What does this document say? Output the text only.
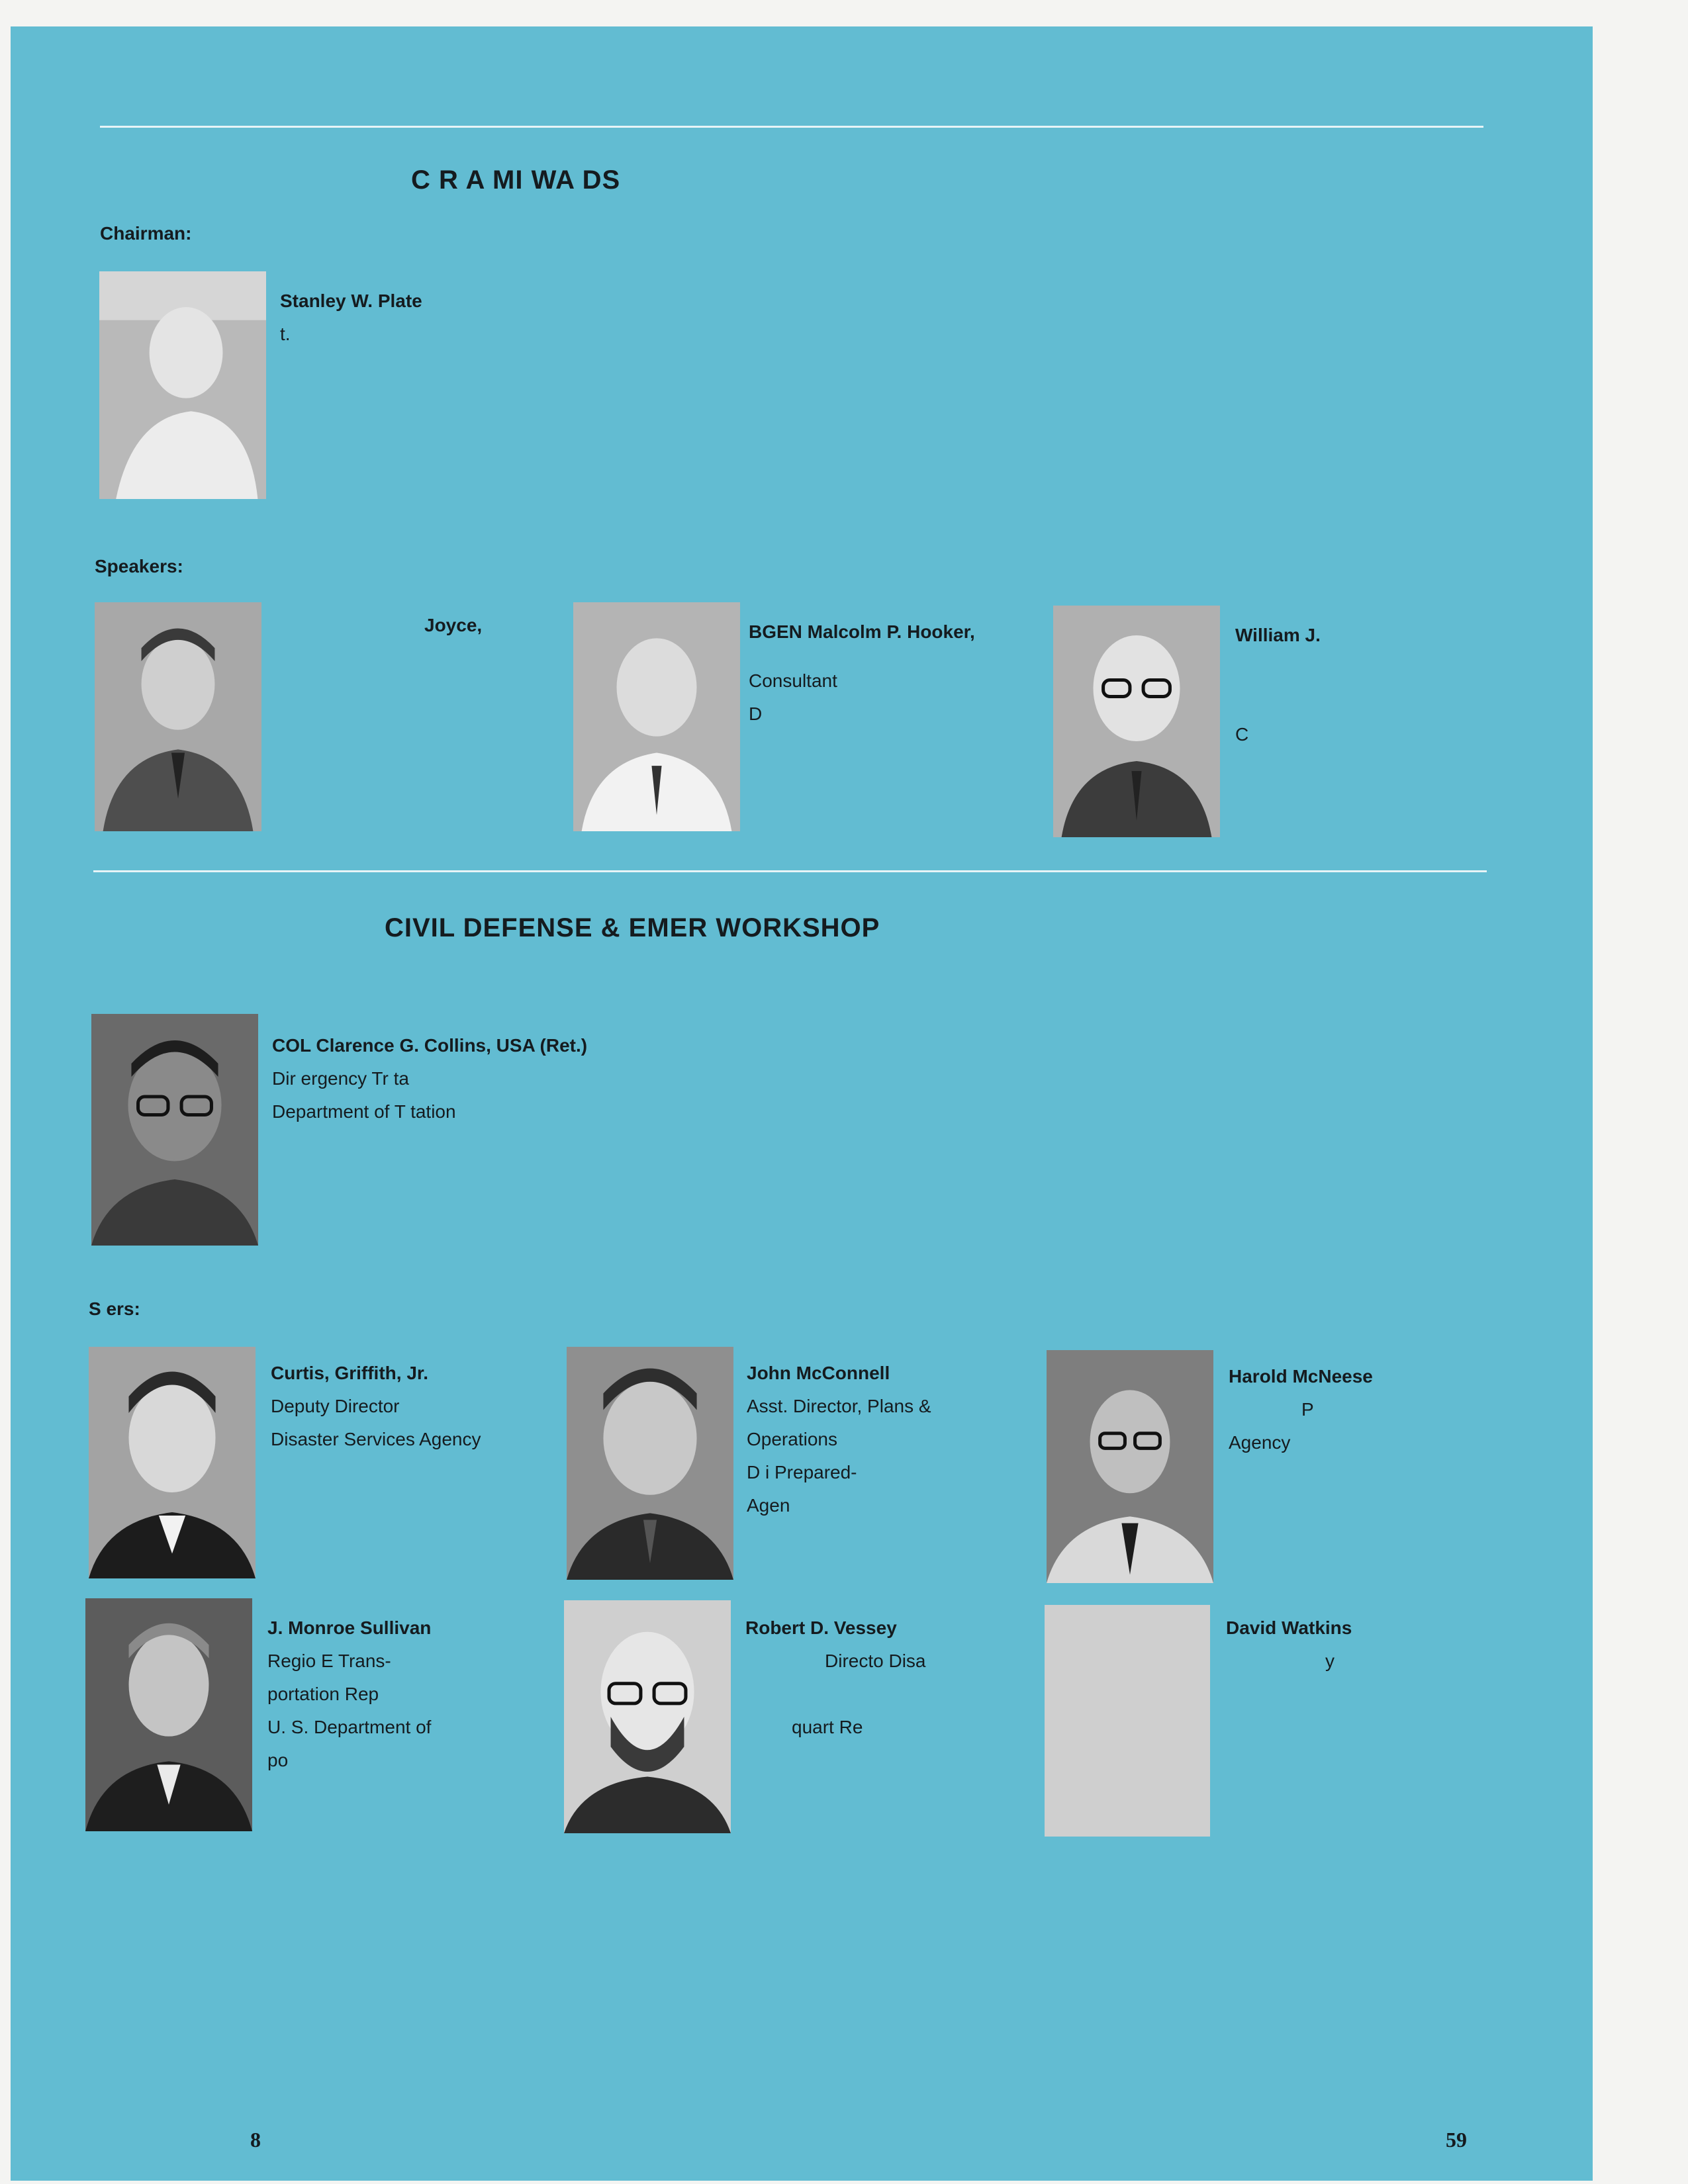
C R A MI WA DS
Chairman:
Stanley W. Plate
t.
Speakers:
Joyce,	BGEN Malcolm P. Hooker,
Consultant
D
William J.

C
CIVIL DEFENSE & EMER WORKSHOP
COL Clarence G. Collins, USA (Ret.)
Dir ergency Tr ta
Department of T tation
S ers:
Curtis, Griffith, Jr.
Deputy Director
Disaster Services Agency
John McConnell
Asst. Director, Plans &
Operations
D i Prepared-
Agen
Harold McNeese
P
Agency
J. Monroe Sullivan
Regio E Trans-
portation Rep
U. S. Department of
po
Robert D. Vessey
Directo Disa

quart Re
David Watkins
y
8	59
